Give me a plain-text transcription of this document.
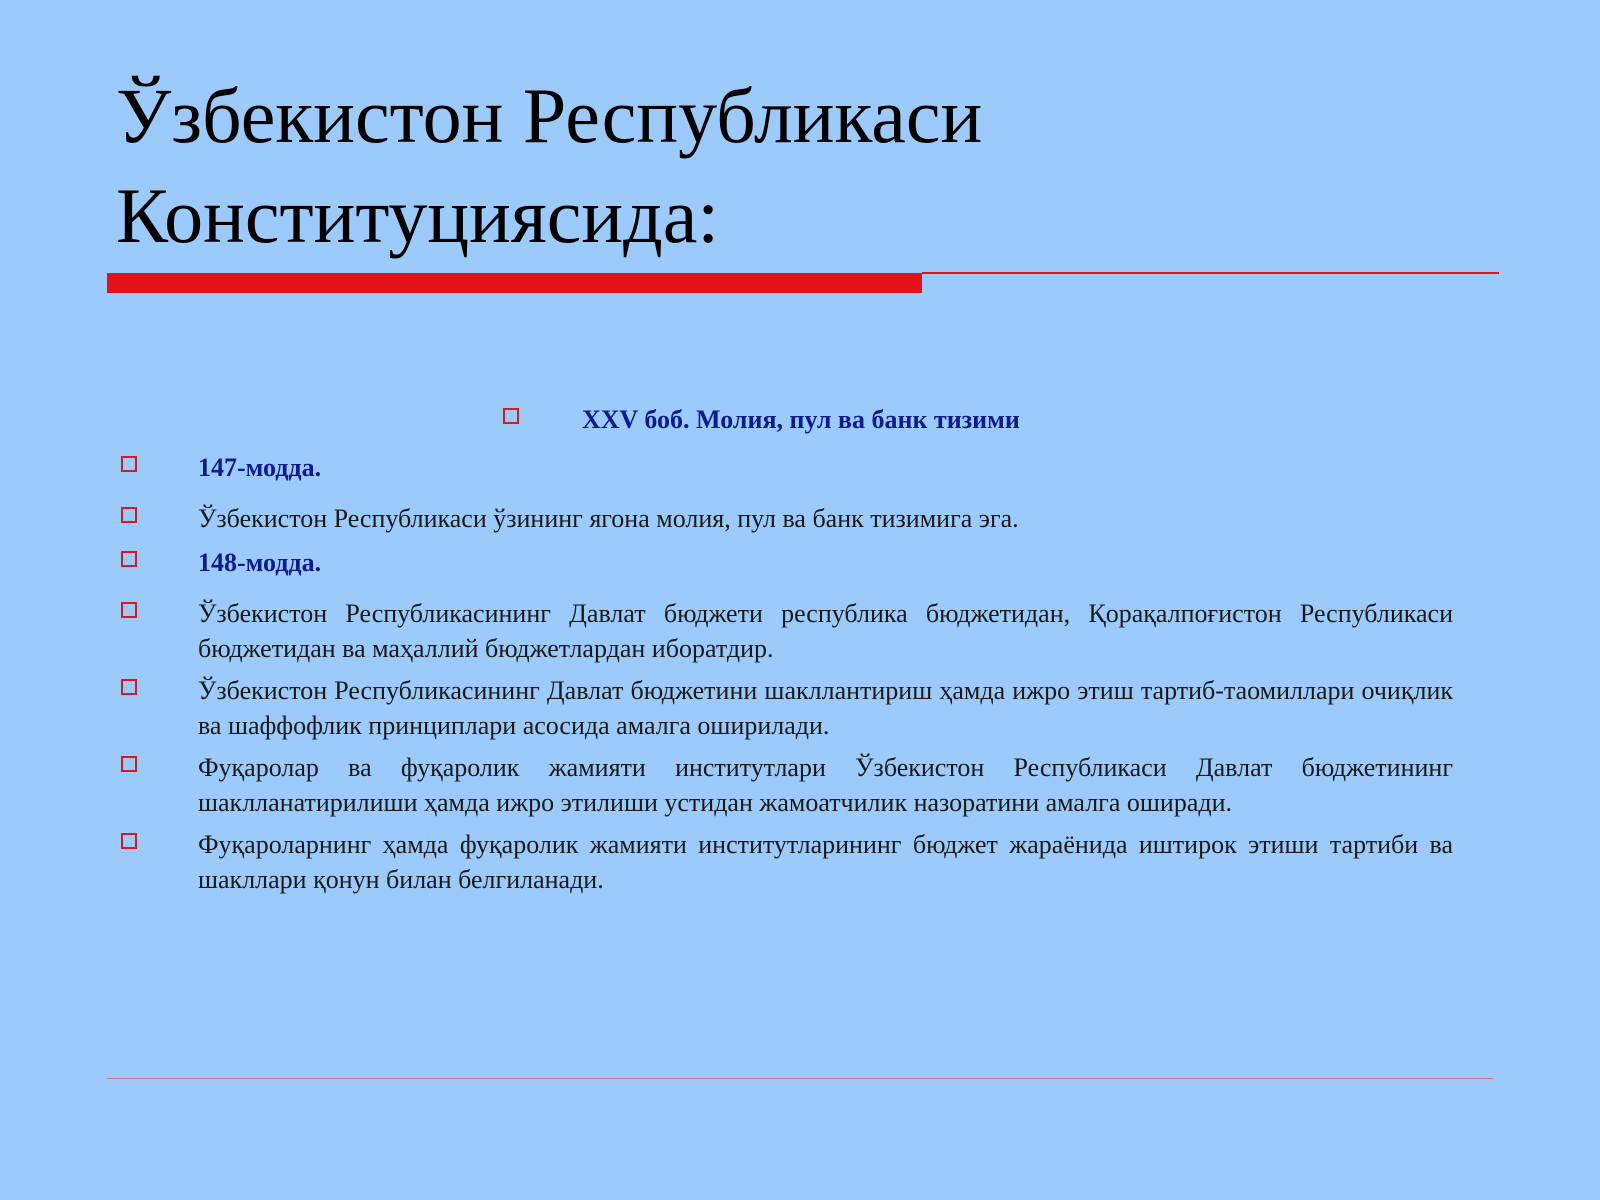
Ўзбекистон Республикаси Конституциясида:
XXV боб. Молия, пул ва банк тизими
147-модда.
Ўзбекистон Республикаси ўзининг ягона молия, пул ва банк тизимига эга.
148-модда.
Ўзбекистон Республикасининг Давлат бюджети республика бюджетидан, Қорақалпоғистон Республикаси бюджетидан ва маҳаллий бюджетлардан иборатдир.
Ўзбекистон Республикасининг Давлат бюджетини шакллантириш ҳамда ижро этиш тартиб-таомиллари очиқлик ва шаффофлик принциплари асосида амалга оширилади.
Фуқаролар ва фуқаролик жамияти институтлари Ўзбекистон Республикаси Давлат бюджетининг шаклланатирилиши ҳамда ижро этилиши устидан жамоатчилик назоратини амалга оширади.
Фуқароларнинг ҳамда фуқаролик жамияти институтларининг бюджет жараёнида иштирок этиши тартиби ва шакллари қонун билан белгиланади.
